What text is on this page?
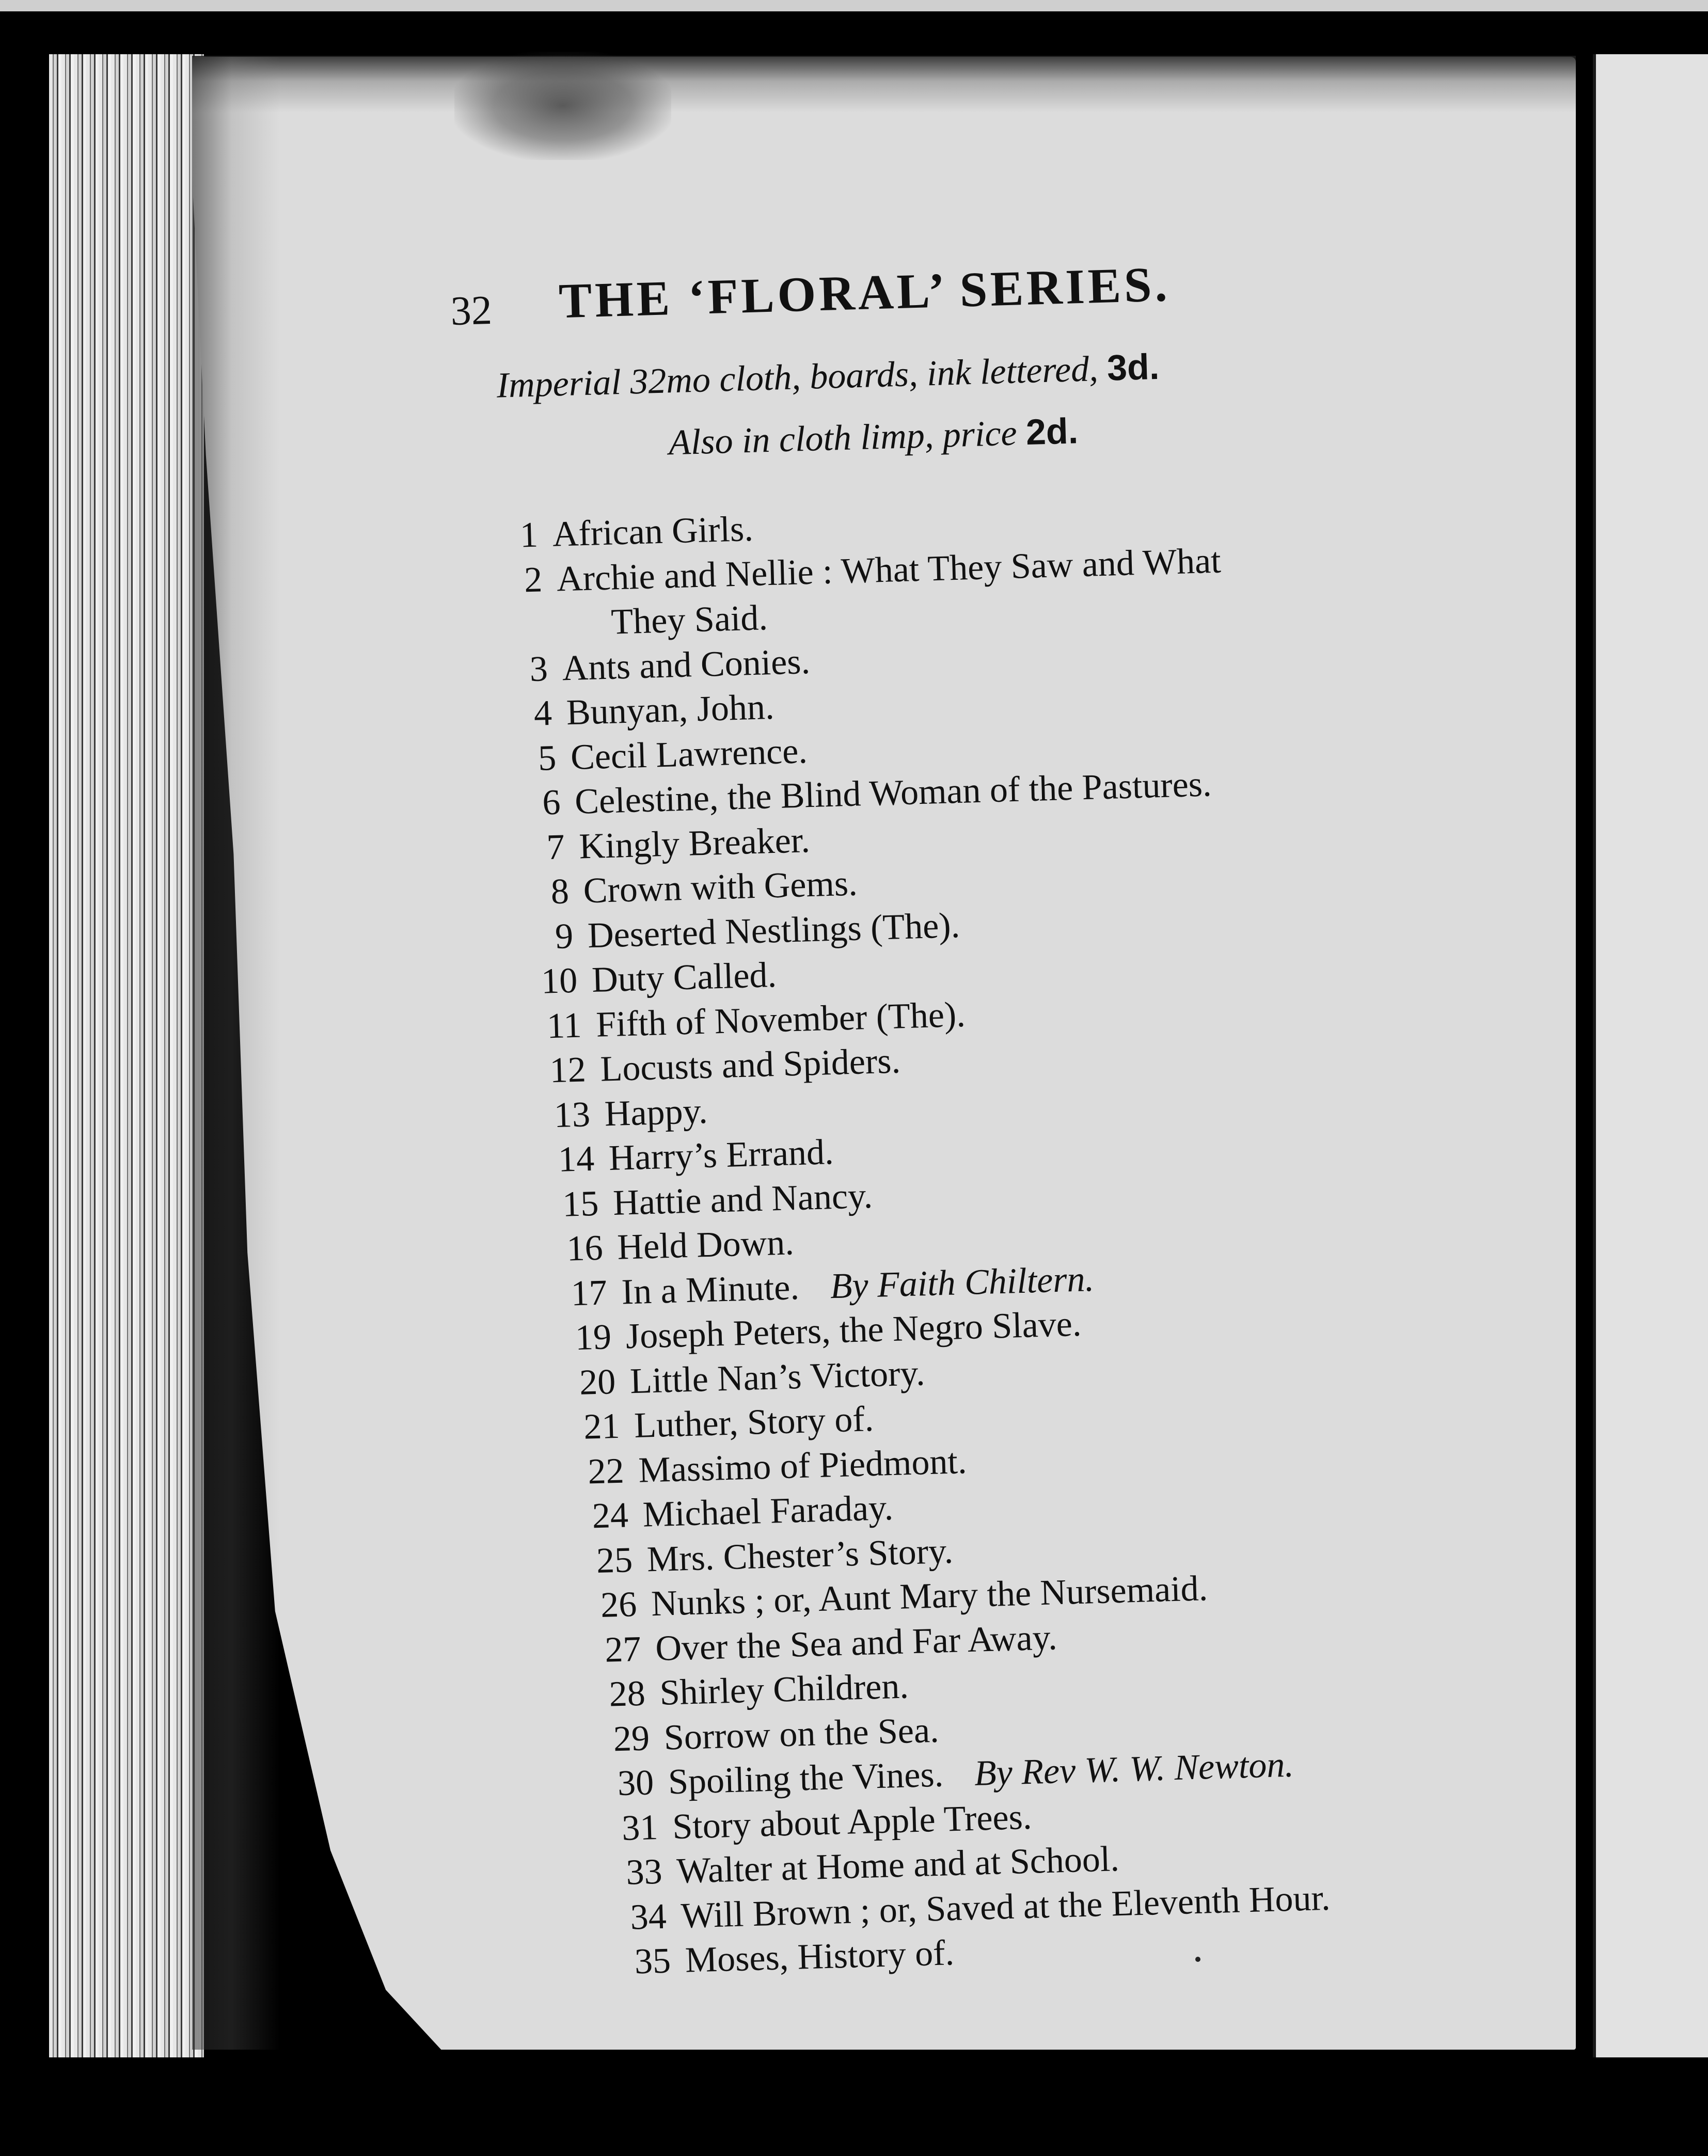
32 THE ‘FLORAL’ SERIES.
Imperial 32mo cloth, boards, ink lettered, 3d.
Also in cloth limp, price 2d.
1 African Girls.
2 Archie and Nellie : What They Saw and What
They Said.
3 Ants and Conies.
4 Bunyan, John.
5 Cecil Lawrence.
6 Celestine, the Blind Woman of the Pastures.
7 Kingly Breaker.
8 Crown with Gems.
9 Deserted Nestlings (The).
10 Duty Called.
11 Fifth of November (The).
12 Locusts and Spiders.
13 Happy.
14 Harry’s Errand.
15 Hattie and Nancy.
16 Held Down.
17 In a Minute. By Faith Chiltern.
19 Joseph Peters, the Negro Slave.
20 Little Nan’s Victory.
21 Luther, Story of.
22 Massimo of Piedmont.
24 Michael Faraday.
25 Mrs. Chester’s Story.
26 Nunks ; or, Aunt Mary the Nursemaid.
27 Over the Sea and Far Away.
28 Shirley Children.
29 Sorrow on the Sea.
30 Spoiling the Vines. By Rev W. W. Newton.
31 Story about Apple Trees.
33 Walter at Home and at School.
34 Will Brown ; or, Saved at the Eleventh Hour.
35 Moses, History of.
